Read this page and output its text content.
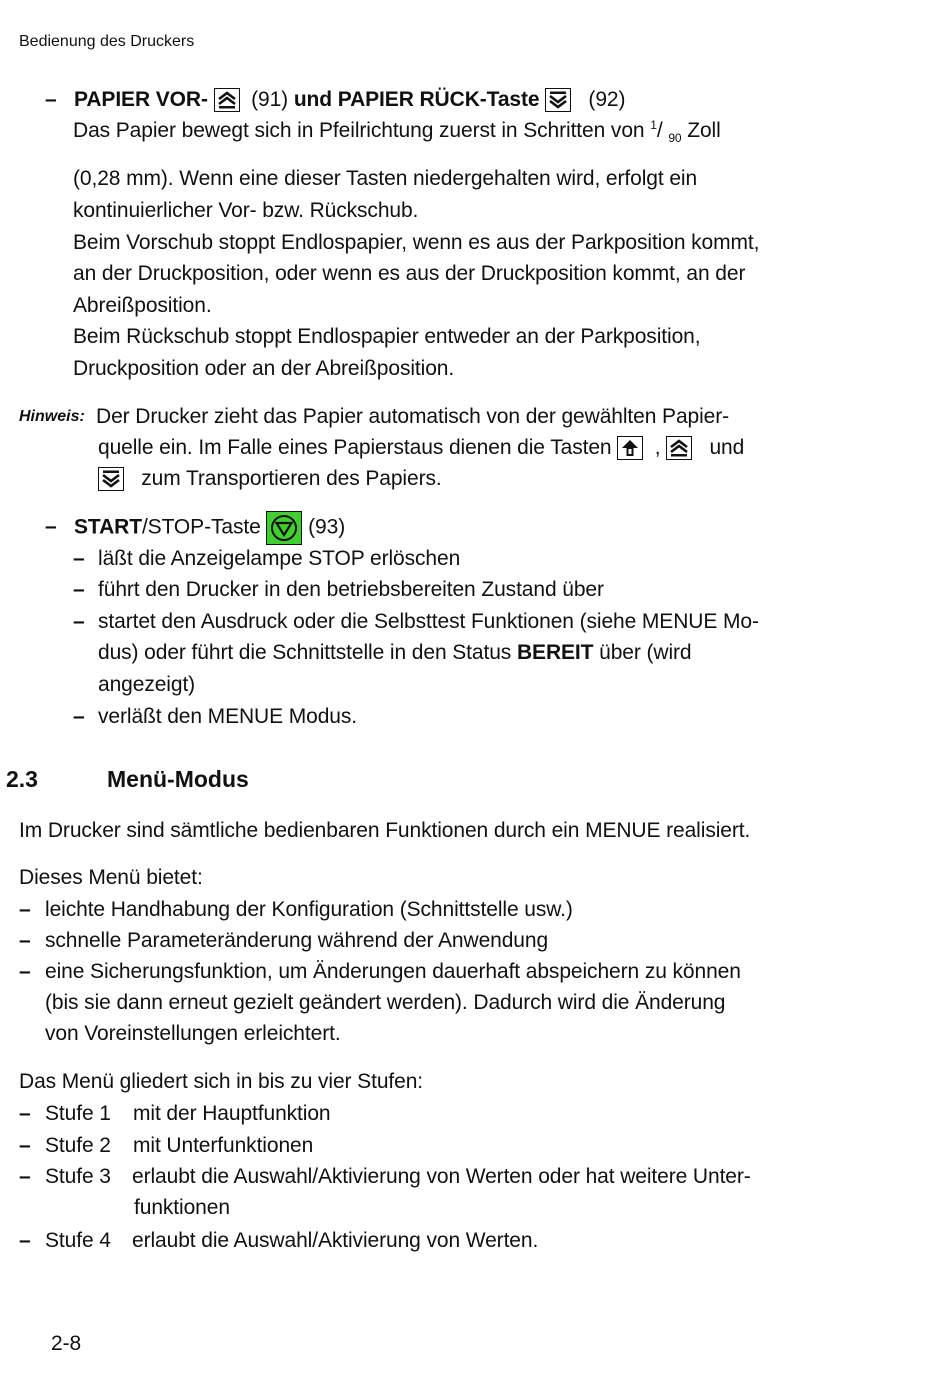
Bedienung des Druckers
– PAPIER VOR- (91) und PAPIER RÜCK-Taste (92)
Das Papier bewegt sich in Pfeilrichtung zuerst in Schritten von $^1$/ $_{90}$ Zoll
(0,28 mm). Wenn eine dieser Tasten niedergehalten wird, erfolgt ein
kontinuierlicher Vor- bzw. Rückschub.
Beim Vorschub stoppt Endlospapier, wenn es aus der Parkposition kommt,
an der Druckposition, oder wenn es aus der Druckposition kommt, an der
Abreißposition.
Beim Rückschub stoppt Endlospapier entweder an der Parkposition,
Druckposition oder an der Abreißposition.
Hinweis: Der Drucker zieht das Papier automatisch von der gewählten Papier-
quelle ein. Im Falle eines Papierstaus dienen die Tasten , und
zum Transportieren des Papiers.
– START/STOP-Taste (93)
– läßt die Anzeigelampe STOP erlöschen
– führt den Drucker in den betriebsbereiten Zustand über
– startet den Ausdruck oder die Selbsttest Funktionen (siehe MENUE Mo-
dus) oder führt die Schnittstelle in den Status BEREIT über (wird
angezeigt)
– verläßt den MENUE Modus.
2.3	Menü-Modus
Im Drucker sind sämtliche bedienbaren Funktionen durch ein MENUE realisiert.
Dieses Menü bietet:
– leichte Handhabung der Konfiguration (Schnittstelle usw.)
– schnelle Parameteränderung während der Anwendung
– eine Sicherungsfunktion, um Änderungen dauerhaft abspeichern zu können
(bis sie dann erneut gezielt geändert werden). Dadurch wird die Änderung
von Voreinstellungen erleichtert.
Das Menü gliedert sich in bis zu vier Stufen:
– Stufe 1 mit der Hauptfunktion
– Stufe 2 mit Unterfunktionen
– Stufe 3 erlaubt die Auswahl/Aktivierung von Werten oder hat weitere Unter-
funktionen
– Stufe 4 erlaubt die Auswahl/Aktivierung von Werten.
2-8
